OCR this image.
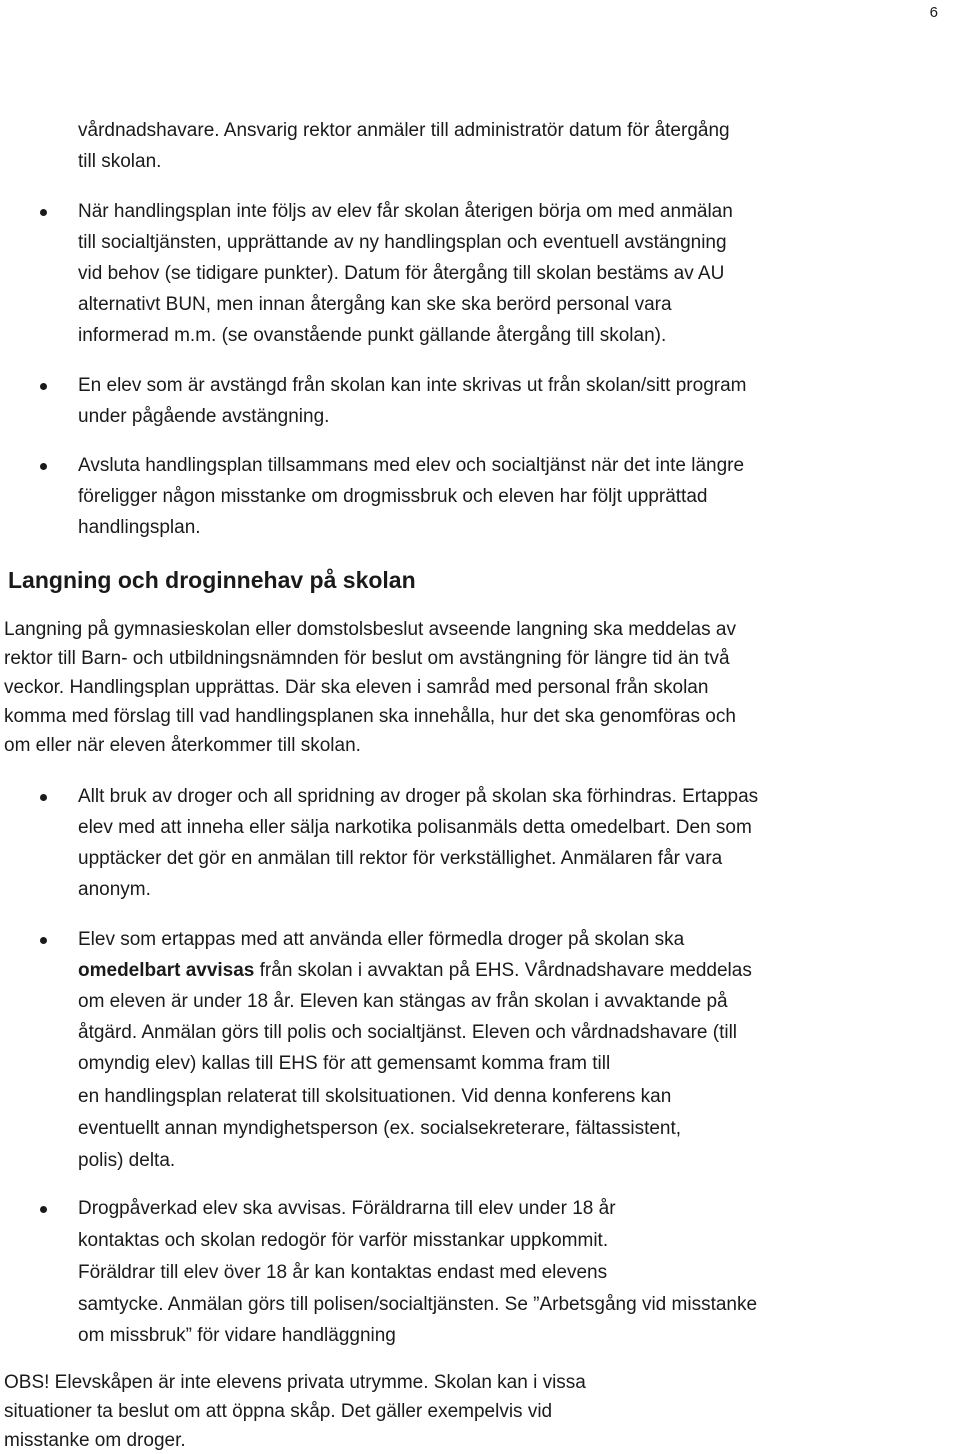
6
vårdnadshavare. Ansvarig rektor anmäler till administratör datum för återgång
till skolan.
När handlingsplan inte följs av elev får skolan återigen börja om med anmälan
till socialtjänsten, upprättande av ny handlingsplan och eventuell avstängning
vid behov (se tidigare punkter). Datum för återgång till skolan bestäms av AU
alternativt BUN, men innan återgång kan ske ska berörd personal vara
informerad m.m. (se ovanstående punkt gällande återgång till skolan).
En elev som är avstängd från skolan kan inte skrivas ut från skolan/sitt program
under pågående avstängning.
Avsluta handlingsplan tillsammans med elev och socialtjänst när det inte längre
föreligger någon misstanke om drogmissbruk och eleven har följt upprättad
handlingsplan.
Langning och droginnehav på skolan
Langning på gymnasieskolan eller domstolsbeslut avseende langning ska meddelas av
rektor till Barn- och utbildningsnämnden för beslut om avstängning för längre tid än två
veckor. Handlingsplan upprättas. Där ska eleven i samråd med personal från skolan
komma med förslag till vad handlingsplanen ska innehålla, hur det ska genomföras och
om eller när eleven återkommer till skolan.
Allt bruk av droger och all spridning av droger på skolan ska förhindras. Ertappas
elev med att inneha eller sälja narkotika polisanmäls detta omedelbart. Den som
upptäcker det gör en anmälan till rektor för verkställighet. Anmälaren får vara
anonym.
Elev som ertappas med att använda eller förmedla droger på skolan ska
omedelbart avvisas från skolan i avvaktan på EHS. Vårdnadshavare meddelas
om eleven är under 18 år. Eleven kan stängas av från skolan i avvaktande på
åtgärd. Anmälan görs till polis och socialtjänst. Eleven och vårdnadshavare (till
omyndig elev) kallas till EHS för att gemensamt komma fram till
en handlingsplan relaterat till skolsituationen. Vid denna konferens kan
eventuellt annan myndighetsperson (ex. socialsekreterare, fältassistent,
polis) delta.
Drogpåverkad elev ska avvisas. Föräldrarna till elev under 18 år
kontaktas och skolan redogör för varför misstankar uppkommit.
Föräldrar till elev över 18 år kan kontaktas endast med elevens
samtycke. Anmälan görs till polisen/socialtjänsten. Se ”Arbetsgång vid misstanke
om missbruk” för vidare handläggning
OBS! Elevskåpen är inte elevens privata utrymme. Skolan kan i vissa
situationer ta beslut om att öppna skåp. Det gäller exempelvis vid
misstanke om droger.
